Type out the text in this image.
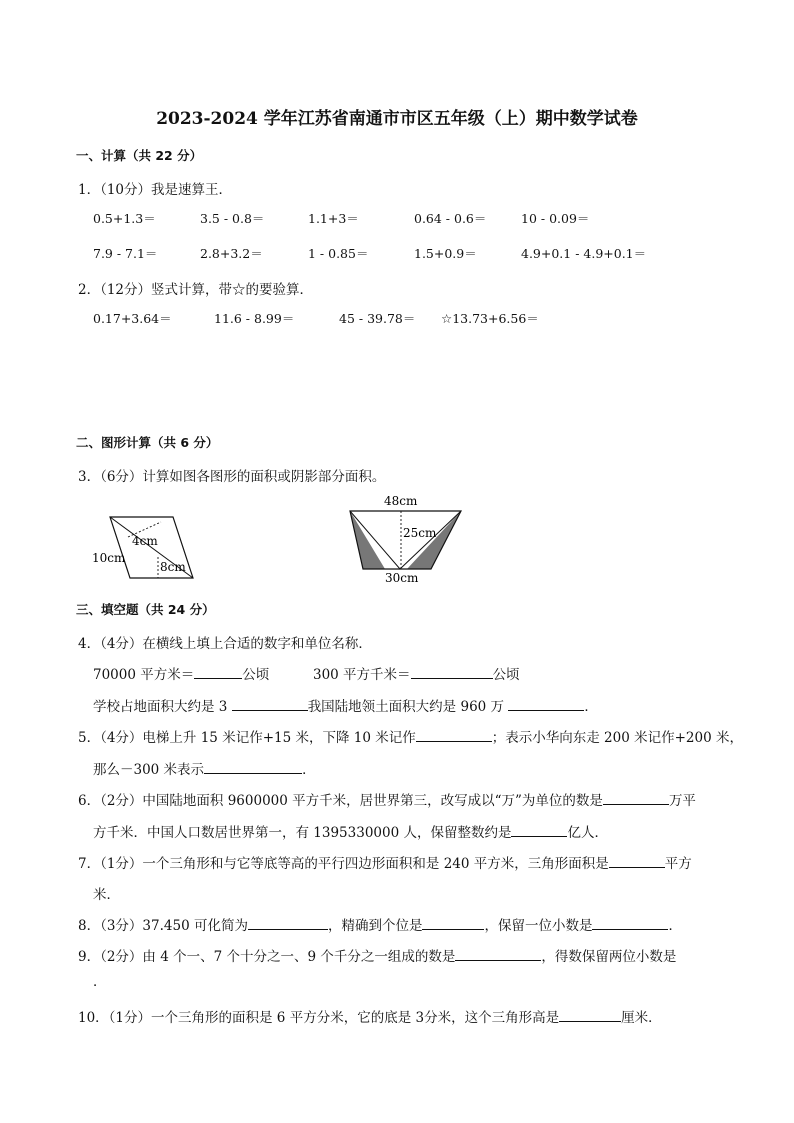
2023-2024 学年江苏省南通市市区五年级（上）期中数学试卷
一、计算（共 22 分）
1．（10分）我是速算王．
0.5+1.3＝	3.5 - 0.8＝	1.1+3＝	0.64 - 0.6＝	10 - 0.09＝
7.9 - 7.1＝	2.8+3.2＝	1 - 0.85＝	1.5+0.9＝	4.9+0.1 - 4.9+0.1＝
2．（12分）竖式计算，带☆的要验算．
0.17+3.64＝	11.6 - 8.99＝	45 - 39.78＝ ☆13.73+6.56＝
二、图形计算（共 6 分）
3．（6分）计算如图各图形的面积或阴影部分面积。
4cm
10cm
8cm
48cm
25cm
30cm
三、填空题（共 24 分）
4．（4分）在横线上填上合适的数字和单位名称．
70000 平方米＝	公顷	300 平方千米＝	公顷
学校占地面积大约是 3	我国陆地领土面积大约是 960 万	．
5．（4分）电梯上升 15 米记作+15 米，下降 10 米记作	；表示小华向东走 200 米记作+200 米，
那么－300 米表示	．
6．（2分）中国陆地面积 9600000 平方千米，居世界第三，改写成以“万”为单位的数是	万平
方千米．中国人口数居世界第一，有 1395330000 人，保留整数约是	亿人．
7．（1分）一个三角形和与它等底等高的平行四边形面积和是 240 平方米，三角形面积是	平方
米．
8．（3分）37.450 可化简为	，精确到个位是	，保留一位小数是	．
9．（2分）由 4 个一、7 个十分之一、9 个千分之一组成的数是	，得数保留两位小数是
．
10．（1分）一个三角形的面积是 6 平方分米，它的底是 3分米，这个三角形高是	厘米．
